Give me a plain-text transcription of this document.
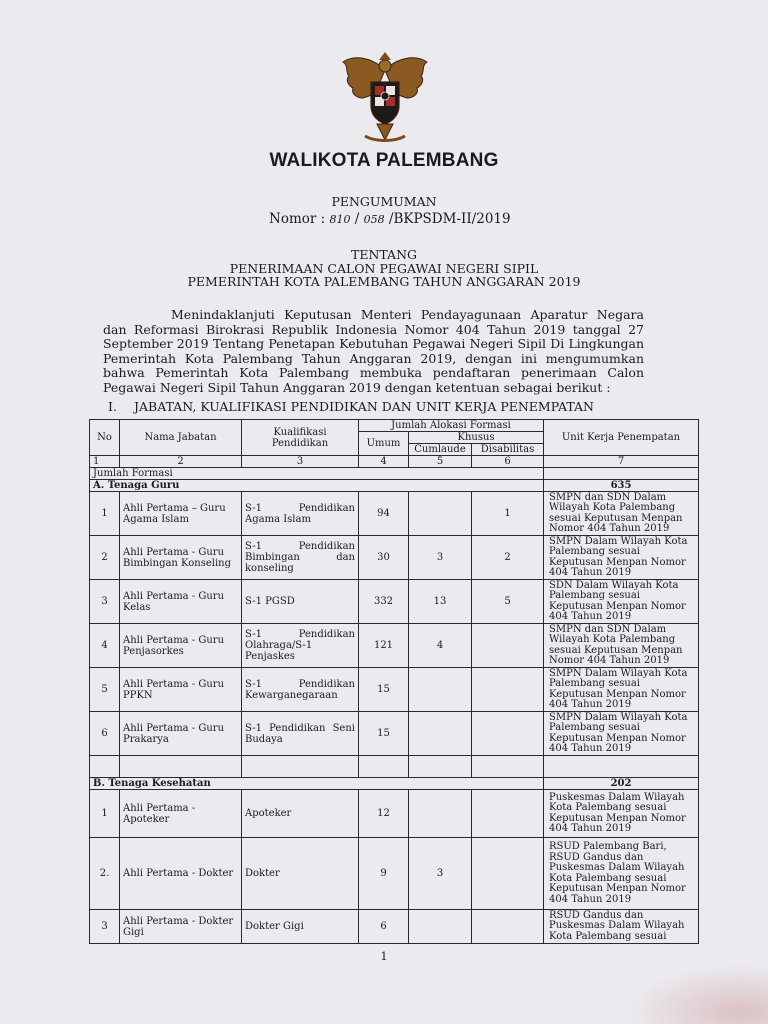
WALIKOTA PALEMBANG
PENGUMUMAN
Nomor : 810 / 058 /BKPSDM-II/2019
TENTANG
PENERIMAAN CALON PEGAWAI NEGERI SIPIL
PEMERINTAH KOTA PALEMBANG TAHUN ANGGARAN 2019
Menindaklanjuti Keputusan Menteri Pendayagunaan Aparatur Negara dan Reformasi Birokrasi Republik Indonesia Nomor 404 Tahun 2019 tanggal 27 September 2019 Tentang Penetapan Kebutuhan Pegawai Negeri Sipil Di Lingkungan Pemerintah Kota Palembang Tahun Anggaran 2019, dengan ini mengumumkan bahwa Pemerintah Kota Palembang membuka pendaftaran penerimaan Calon Pegawai Negeri Sipil Tahun Anggaran 2019 dengan ketentuan sebagai berikut :
I. JABATAN, KUALIFIKASI PENDIDIKAN DAN UNIT KERJA PENEMPATAN
No	Nama Jabatan	Kualifikasi Pendidikan	Jumlah Alokasi Formasi			Unit Kerja Penempatan
			Umum	Khusus		
				Cumlaude	Disabilitas	
1	2	3	4	5	6	7
Jumlah Formasi						
A. Tenaga Guru						635
1	Ahli Pertama – Guru Agama Islam	S-1 Pendidikan Agama Islam	94		1	SMPN dan SDN Dalam Wilayah Kota Palembang sesuai Keputusan Menpan Nomor 404 Tahun 2019
2	Ahli Pertama - Guru Bimbingan Konseling	S-1 Pendidikan Bimbingan dan konseling	30	3	2	SMPN Dalam Wilayah Kota Palembang sesuai Keputusan Menpan Nomor 404 Tahun 2019
3	Ahli Pertama - Guru Kelas	S-1 PGSD	332	13	5	SDN Dalam Wilayah Kota Palembang sesuai Keputusan Menpan Nomor 404 Tahun 2019
4	Ahli Pertama - Guru Penjasorkes	S-1 Pendidikan Olahraga/S-1 Penjaskes	121	4		SMPN dan SDN Dalam Wilayah Kota Palembang sesuai Keputusan Menpan Nomor 404 Tahun 2019
5	Ahli Pertama - Guru PPKN	S-1 Pendidikan Kewarganegaraan	15			SMPN Dalam Wilayah Kota Palembang sesuai Keputusan Menpan Nomor 404 Tahun 2019
6	Ahli Pertama - Guru Prakarya	S-1 Pendidikan Seni Budaya	15			SMPN Dalam Wilayah Kota Palembang sesuai Keputusan Menpan Nomor 404 Tahun 2019

B. Tenaga Kesehatan						202
1	Ahli Pertama - Apoteker	Apoteker	12			Puskesmas Dalam Wilayah Kota Palembang sesuai Keputusan Menpan Nomor 404 Tahun 2019
2.	Ahli Pertama - Dokter	Dokter	9	3		RSUD Palembang Bari, RSUD Gandus dan Puskesmas Dalam Wilayah Kota Palembang sesuai Keputusan Menpan Nomor 404 Tahun 2019
3	Ahli Pertama - Dokter Gigi	Dokter Gigi	6			RSUD Gandus dan Puskesmas Dalam Wilayah Kota Palembang sesuai
1
